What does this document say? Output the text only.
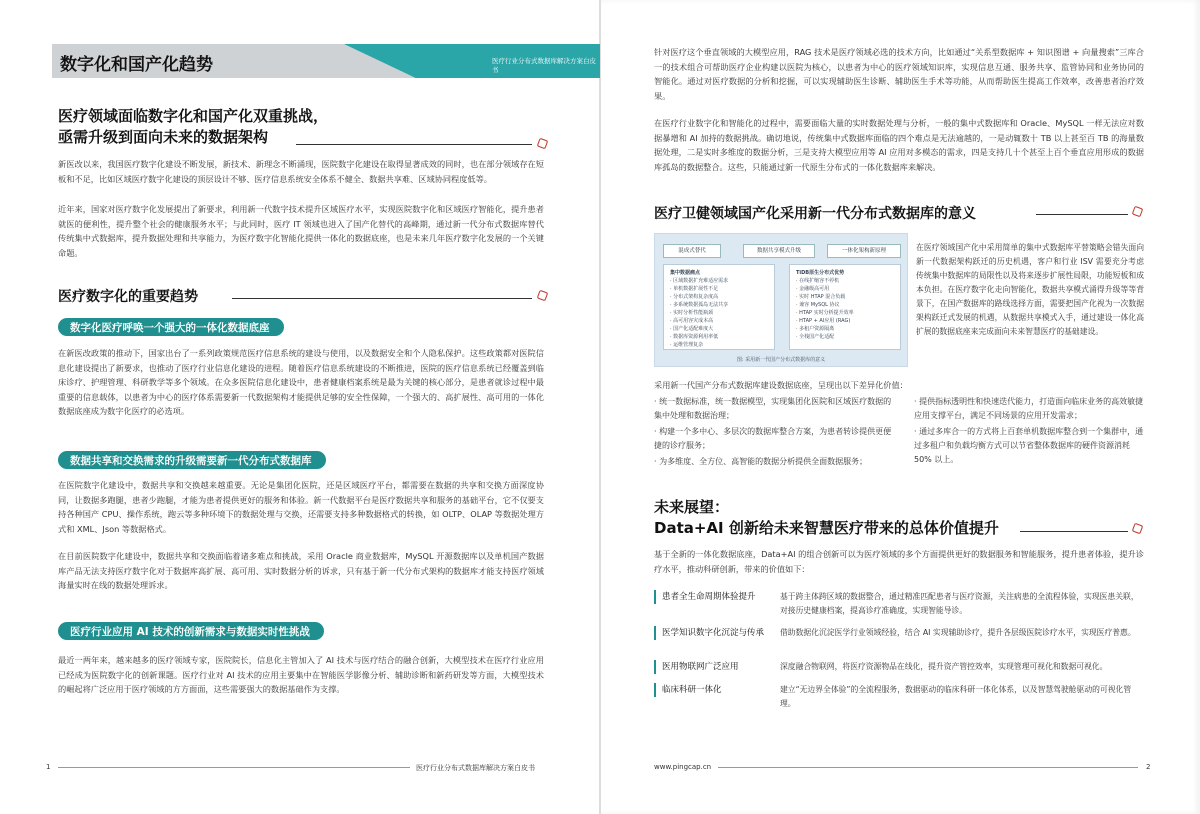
数字化和国产化趋势	医疗行业分布式数据库解决方案白皮书
医疗领域面临数字化和国产化双重挑战，
亟需升级到面向未来的数据架构
新医改以来，我国医疗数字化建设不断发展，新技术、新理念不断涌现，医院数字化建设在取得显著成效的同时，也在部分领域存在短板和不足，比如区域医疗数字化建设的顶层设计不够、医疗信息系统安全体系不健全、数据共享难、区域协同程度低等。
近年来，国家对医疗数字化发展提出了新要求，利用新一代数字技术提升区域医疗水平，实现医院数字化和区域医疗智能化，提升患者就医的便利性，提升整个社会的健康服务水平；与此同时，医疗 IT 领域也进入了国产化替代的高峰期，通过新一代分布式数据库替代传统集中式数据库，提升数据处理和共享能力，为医疗数字化智能化提供一体化的数据底座，也是未来几年医疗数字化发展的一个关键命题。
医疗数字化的重要趋势
数字化医疗呼唤一个强大的一体化数据底座
在新医改政策的推动下，国家出台了一系列政策规范医疗信息系统的建设与使用，以及数据安全和个人隐私保护。这些政策都对医院信息化建设提出了新要求，也推动了医疗行业信息化建设的进程。随着医疗信息系统建设的不断推进，医院的医疗信息系统已经覆盖到临床诊疗、护理管理、科研教学等多个领域。在众多医院信息化建设中，患者健康档案系统是最为关键的核心部分，是患者就诊过程中最重要的信息载体，以患者为中心的医疗体系需要新一代数据架构才能提供足够的安全性保障，一个强大的、高扩展性、高可用的一体化数据底座成为数字化医疗的必选项。
数据共享和交换需求的升级需要新一代分布式数据库
在医院数字化建设中，数据共享和交换越来越重要。无论是集团化医院，还是区域医疗平台，都需要在数据的共享和交换方面深度协同，让数据多跑腿，患者少跑腿，才能为患者提供更好的服务和体验。新一代数据平台是医疗数据共享和服务的基础平台，它不仅要支持各种国产 CPU、操作系统，跑云等多种环境下的数据处理与交换，还需要支持多种数据格式的转换，如 OLTP、OLAP 等数据处理方式和 XML、Json 等数据格式。
在目前医院数字化建设中，数据共享和交换面临着诸多难点和挑战，采用 Oracle 商业数据库，MySQL 开源数据库以及单机国产数据库产品无法支持医疗数字化对于数据库高扩展、高可用、实时数据分析的诉求，只有基于新一代分布式架构的数据库才能支持医疗领域海量实时在线的数据处理诉求。
医疗行业应用 AI 技术的创新需求与数据实时性挑战
最近一两年来，越来越多的医疗领域专家，医院院长，信息化主管加入了 AI 技术与医疗结合的融合创新，大模型技术在医疗行业应用已经成为医院数字化的创新课题。医疗行业对 AI 技术的应用主要集中在智能医学影像分析、辅助诊断和新药研发等方面，大模型技术的崛起将广泛应用于医疗领域的方方面面，这些需要强大的数据基础作为支撑。
1	医疗行业分布式数据库解决方案白皮书
针对医疗这个垂直领域的大模型应用，RAG 技术是医疗领域必选的技术方向，比如通过“关系型数据库 + 知识图谱 + 向量搜索”三库合一的技术组合可帮助医疗企业构建以医院为核心，以患者为中心的医疗领域知识库，实现信息互通、服务共享、监管协同和业务协同的智能化。通过对医疗数据的分析和挖掘，可以实现辅助医生诊断、辅助医生手术等功能，从而帮助医生提高工作效率，改善患者治疗效果。
在医疗行业数字化和智能化的过程中，需要面临大量的实时数据处理与分析，一般的集中式数据库和 Oracle、MySQL 一样无法应对数据暴增和 AI 加持的数据挑战。确切地说，传统集中式数据库面临的四个难点是无法逾越的，一是动辄数十 TB 以上甚至百 TB 的海量数据处理，二是实时多维度的数据分析，三是支持大模型应用等 AI 应用对多模态的需求，四是支持几十个甚至上百个垂直应用形成的数据库孤岛的数据整合。这些，只能通过新一代原生分布式的一体化数据库来解决。
医疗卫健领域国产化采用新一代分布式数据库的意义
混成式替代	数据共享模式升级	一体化架构新原理
集中数据痛点
· 区域数据扩充难适应需求
· 单机数据扩展性不足
· 分布式架构复杂度高
· 多系统数据孤岛无法共享
· 实时分析性能瓶颈
· 高可用容灾成本高
· 国产化适配难度大
· 数据库资源利用率低
· 运维管理复杂
TiDB原生分布式优势
· 在线扩缩容不停机
· 金融级高可用
· 实时 HTAP 混合负载
· 兼容 MySQL 协议
· HTAP 实时分析提升效率
· HTAP + AI应用 (RAG)
· 多租户资源隔离
· 全栈国产化适配
图: 采用新一代国产分布式数据库的意义
在医疗领域国产化中采用简单的集中式数据库平替策略会错失面向新一代数据架构跃迁的历史机遇，客户和行业 ISV 需要充分考虑传统集中数据库的局限性以及将来逐步扩展性局限，功能短板和成本负担。在医疗数字化走向智能化，数据共享模式涌得升级等等背景下，在国产数据库的路线选择方面，需要把国产化视为一次数据架构跃迁式发展的机遇，从数据共享模式入手，通过建设一体化高扩展的数据底座来完成面向未来智慧医疗的基础建设。
采用新一代国产分布式数据库建设数据底座，呈现出以下差异化价值：
· 统一数据标准，统一数据模型，实现集团化医院和区域医疗数据的集中处理和数据治理；
· 构建一个多中心、多层次的数据库整合方案，为患者转诊提供更便捷的诊疗服务；
· 为多维度、全方位、高智能的数据分析提供全面数据服务；
· 提供指标透明性和快速迭代能力，打造面向临床业务的高效敏捷应用支撑平台，满足不同场景的应用开发需求；
· 通过多库合一的方式将上百套单机数据库整合到一个集群中，通过多租户和负载均衡方式可以节省整体数据库的硬件资源消耗 50% 以上。
未来展望：
Data+AI 创新给未来智慧医疗带来的总体价值提升
基于全新的一体化数据底座，Data+AI 的组合创新可以为医疗领域的多个方面提供更好的数据服务和智能服务，提升患者体验，提升诊疗水平，推动科研创新，带来的价值如下：
患者全生命周期体验提升	基于跨主体跨区域的数据整合，通过精准匹配患者与医疗资源，关注病患的全流程体验，实现医患关联，对接历史健康档案，提高诊疗准确度，实现智能导诊。
医学知识数字化沉淀与传承	借助数据化沉淀医学行业领域经验，结合 AI 实现辅助诊疗，提升各层级医院诊疗水平，实现医疗普惠。
医用物联网广泛应用	深度融合物联网，将医疗资源物品在线化，提升资产管控效率，实现管理可视化和数据可视化。
临床科研一体化	建立“无边界全体验”的全流程服务，数据驱动的临床科研一体化体系，以及智慧驾驶舱驱动的可视化管理。
www.pingcap.cn	2
